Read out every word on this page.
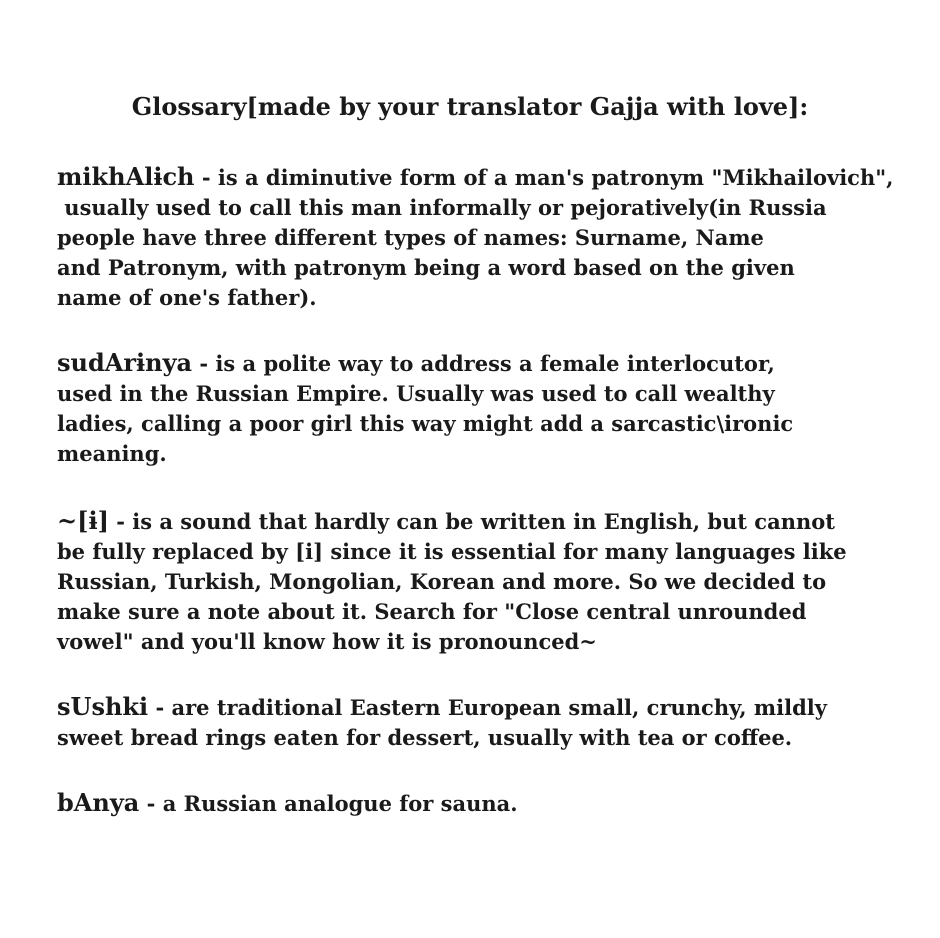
Glossary[made by your translator Gajja with love]:
mikhAlɨch - is a diminutive form of a man's patronym "Mikhailovich",
usually used to call this man informally or pejoratively(in Russia
people have three different types of names: Surname, Name
and Patronym, with patronym being a word based on the given
name of one's father).
sudArɨnya - is a polite way to address a female interlocutor,
used in the Russian Empire. Usually was used to call wealthy
ladies, calling a poor girl this way might add a sarcastic\ironic
meaning.
~[ɨ] - is a sound that hardly can be written in English, but cannot
be fully replaced by [i] since it is essential for many languages like
Russian, Turkish, Mongolian, Korean and more. So we decided to
make sure a note about it. Search for "Close central unrounded
vowel" and you'll know how it is pronounced~
sUshki - are traditional Eastern European small, crunchy, mildly
sweet bread rings eaten for dessert, usually with tea or coffee.
bAnya - a Russian analogue for sauna.
